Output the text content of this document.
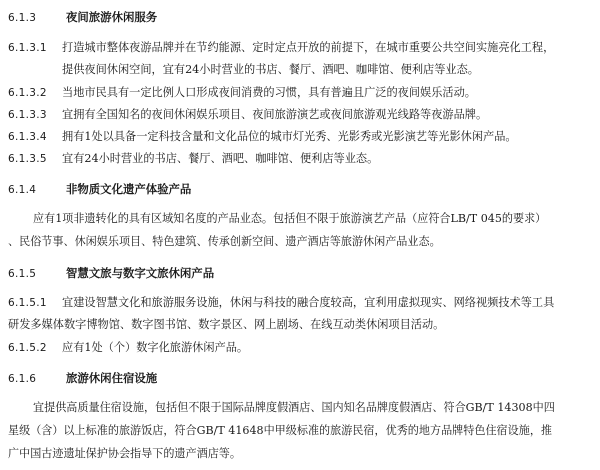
6.1.3	夜间旅游休闲服务
6.1.3.1 打造城市整体夜游品牌并在节约能源、定时定点开放的前提下，在城市重要公共空间实施亮化工程，
提供夜间休闲空间，宜有24小时营业的书店、餐厅、酒吧、咖啡馆、便利店等业态。
6.1.3.2 当地市民具有一定比例人口形成夜间消费的习惯，具有普遍且广泛的夜间娱乐活动。
6.1.3.3 宜拥有全国知名的夜间休闲娱乐项目、夜间旅游演艺或夜间旅游观光线路等夜游品牌。
6.1.3.4 拥有1处以具备一定科技含量和文化品位的城市灯光秀、光影秀或光影演艺等光影休闲产品。
6.1.3.5 宜有24小时营业的书店、餐厅、酒吧、咖啡馆、便利店等业态。
6.1.4	非物质文化遗产体验产品
应有1项非遗转化的具有区域知名度的产品业态。包括但不限于旅游演艺产品（应符合LB/T 045的要求）
、民俗节事、休闲娱乐项目、特色建筑、传承创新空间、遗产酒店等旅游休闲产品业态。
6.1.5	智慧文旅与数字文旅休闲产品
6.1.5.1 宜建设智慧文化和旅游服务设施，休闲与科技的融合度较高，宜利用虚拟现实、网络视频技术等工具
研发多媒体数字博物馆、数字图书馆、数字景区、网上剧场、在线互动类休闲项目活动。
6.1.5.2 应有1处（个）数字化旅游休闲产品。
6.1.6	旅游休闲住宿设施
宜提供高质量住宿设施，包括但不限于国际品牌度假酒店、国内知名品牌度假酒店、符合GB/T 14308中四
星级（含）以上标准的旅游饭店，符合GB/T 41648中甲级标准的旅游民宿，优秀的地方品牌特色住宿设施，推
广中国古迹遗址保护协会指导下的遗产酒店等。
